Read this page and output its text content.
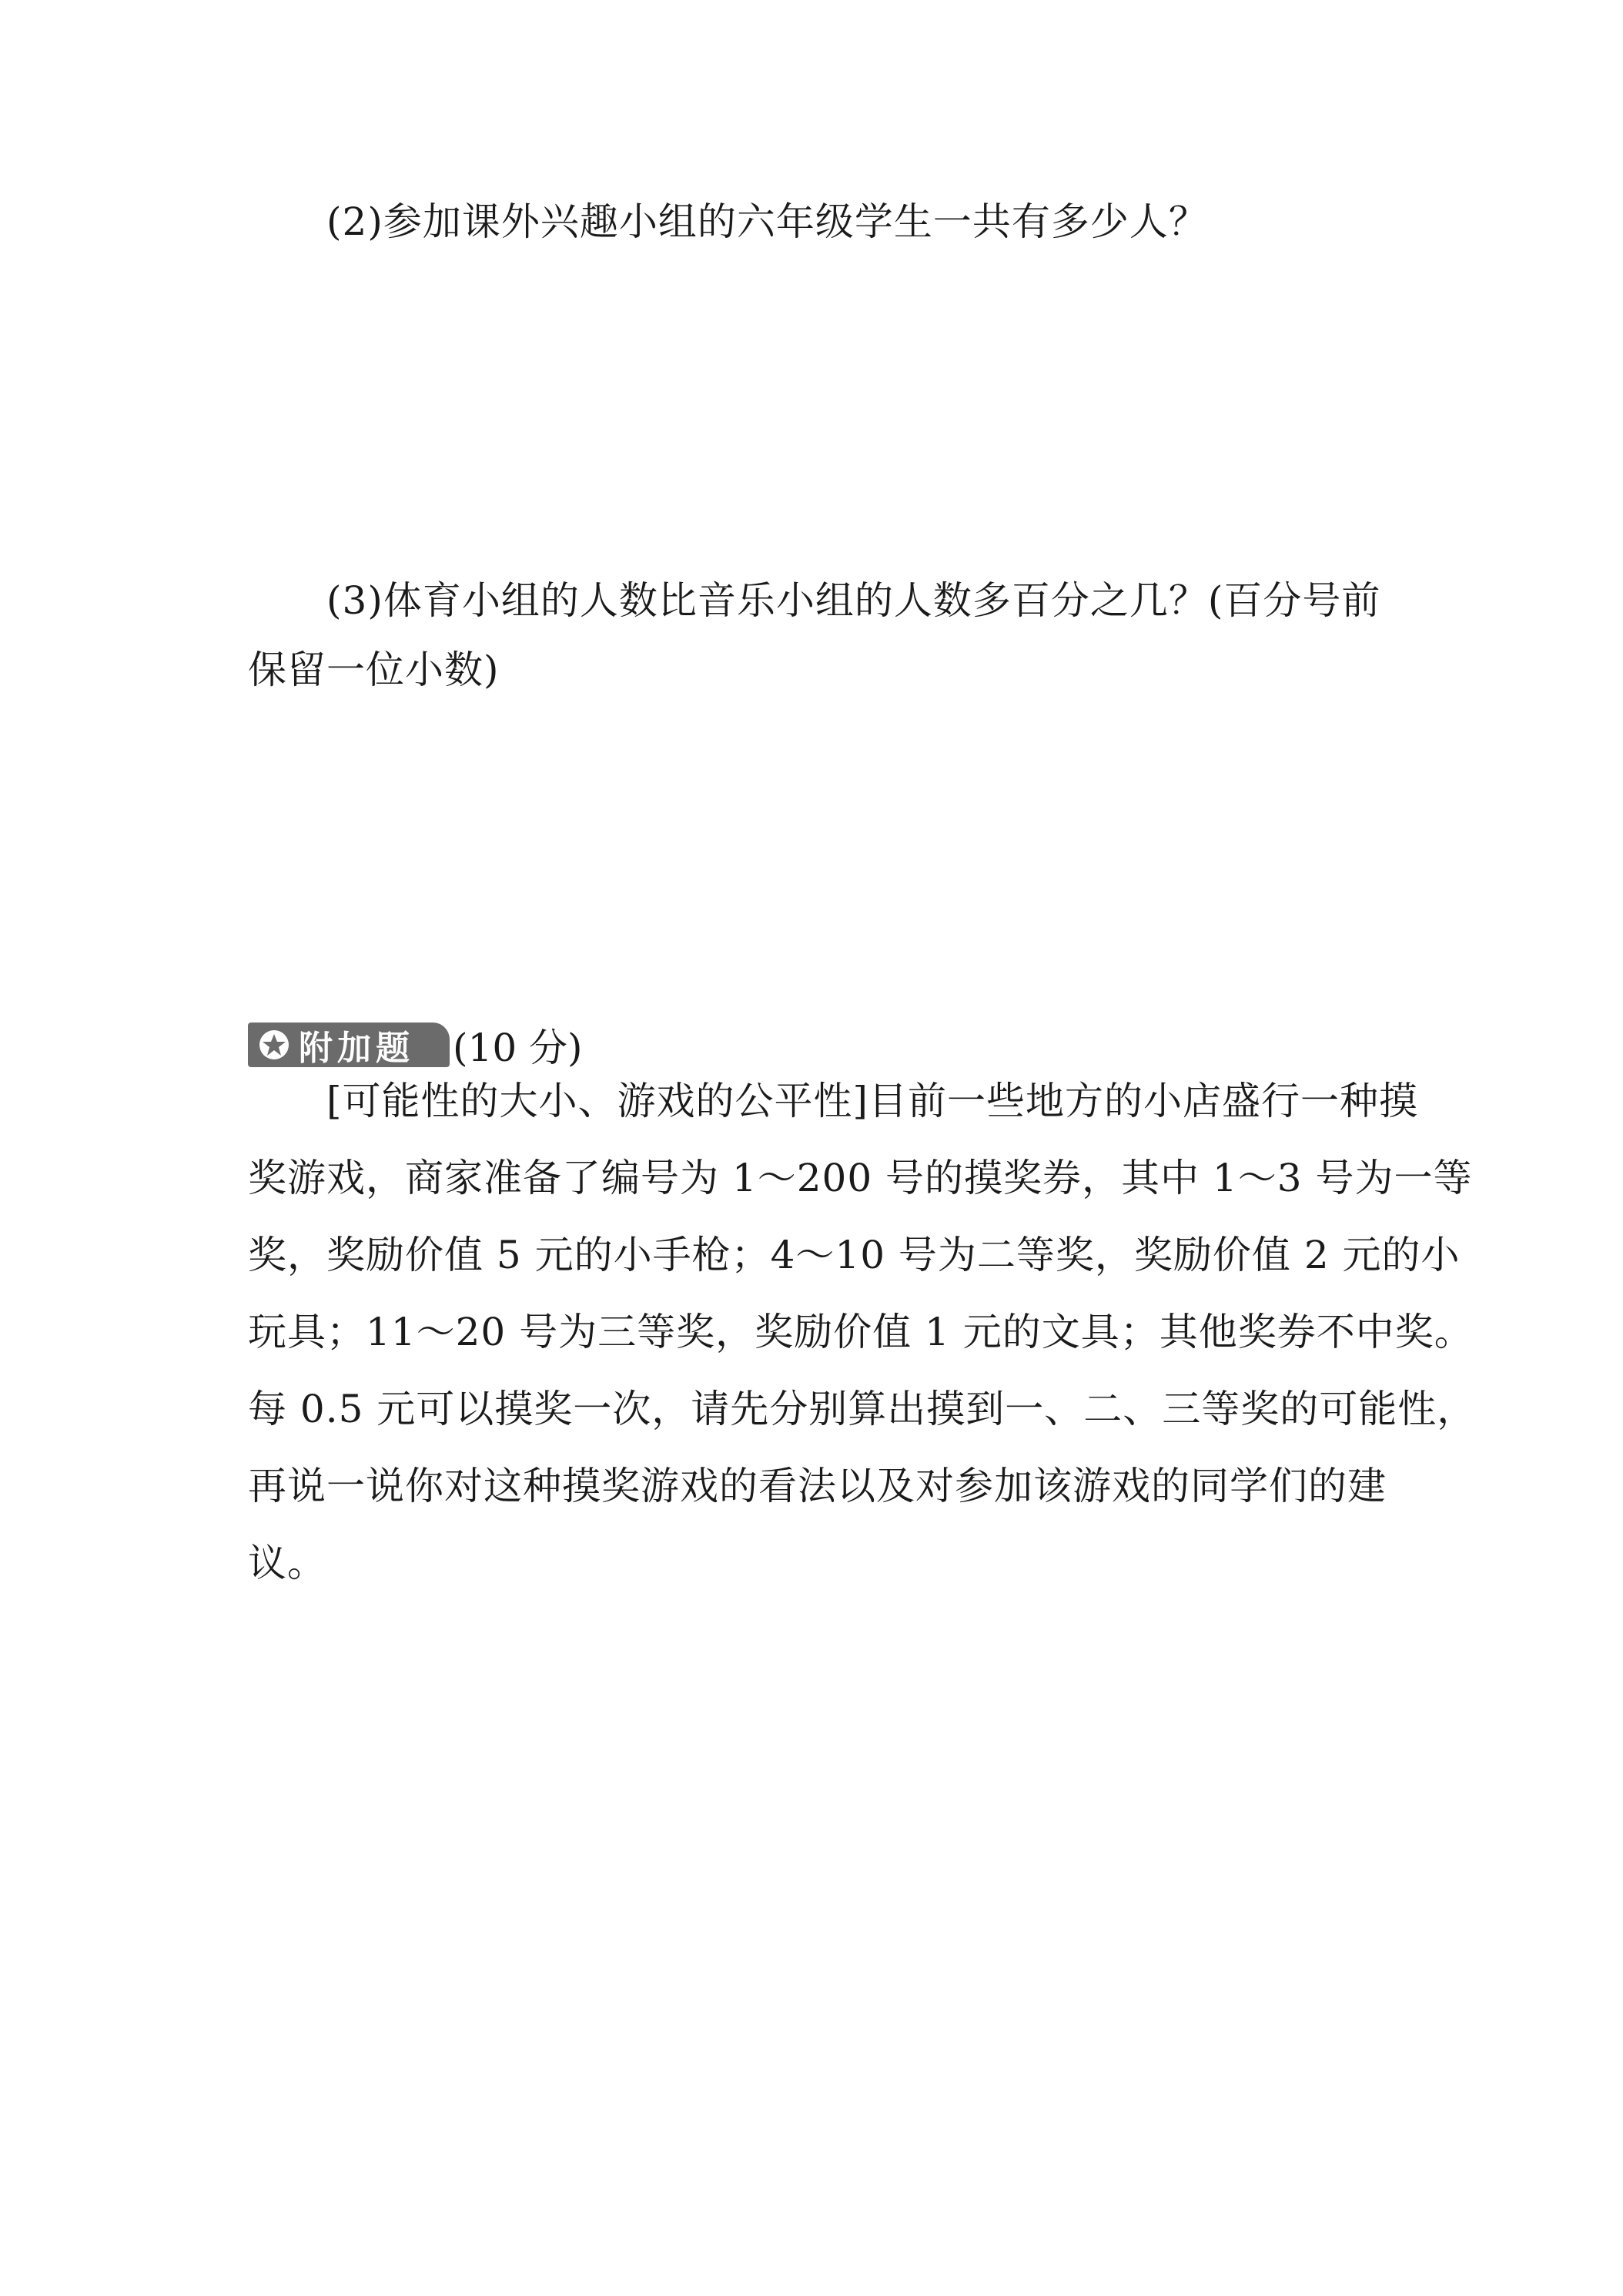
(2)参加课外兴趣小组的六年级学生一共有多少人？
(3)体育小组的人数比音乐小组的人数多百分之几？(百分号前
保留一位小数)
附加题 (10 分)
[可能性的大小、游戏的公平性]目前一些地方的小店盛行一种摸
奖游戏，商家准备了编号为 1～200 号的摸奖券，其中 1～3 号为一等
奖，奖励价值 5 元的小手枪；4～10 号为二等奖，奖励价值 2 元的小
玩具；11～20 号为三等奖，奖励价值 1 元的文具；其他奖券不中奖。
每 0.5 元可以摸奖一次，请先分别算出摸到一、二、三等奖的可能性，
再说一说你对这种摸奖游戏的看法以及对参加该游戏的同学们的建
议。
